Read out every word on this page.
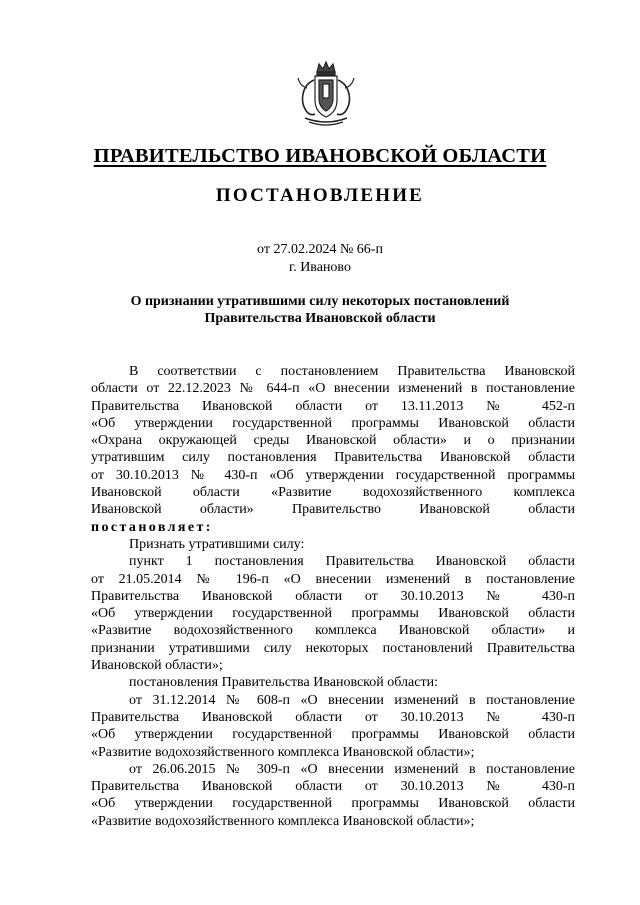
ПРАВИТЕЛЬСТВО ИВАНОВСКОЙ ОБЛАСТИ
ПОСТАНОВЛЕНИЕ
от 27.02.2024 № 66-п
г. Иваново
О признании утратившими силу некоторых постановлений
Правительства Ивановской области
В соответствии с постановлением Правительства Ивановской
области от 22.12.2023 № 644-п «О внесении изменений в постановление
Правительства Ивановской области от 13.11.2013 № 452-п
«Об утверждении государственной программы Ивановской области
«Охрана окружающей среды Ивановской области» и о признании
утратившим силу постановления Правительства Ивановской области
от 30.10.2013 № 430-п «Об утверждении государственной программы
Ивановской области «Развитие водохозяйственного комплекса
Ивановской области» Правительство Ивановской области
постановляет:
Признать утратившими силу:
пункт 1 постановления Правительства Ивановской области
от 21.05.2014 № 196-п «О внесении изменений в постановление
Правительства Ивановской области от 30.10.2013 № 430-п
«Об утверждении государственной программы Ивановской области
«Развитие водохозяйственного комплекса Ивановской области» и
признании утратившими силу некоторых постановлений Правительства
Ивановской области»;
постановления Правительства Ивановской области:
от 31.12.2014 № 608-п «О внесении изменений в постановление
Правительства Ивановской области от 30.10.2013 № 430-п
«Об утверждении государственной программы Ивановской области
«Развитие водохозяйственного комплекса Ивановской области»;
от 26.06.2015 № 309-п «О внесении изменений в постановление
Правительства Ивановской области от 30.10.2013 № 430-п
«Об утверждении государственной программы Ивановской области
«Развитие водохозяйственного комплекса Ивановской области»;
